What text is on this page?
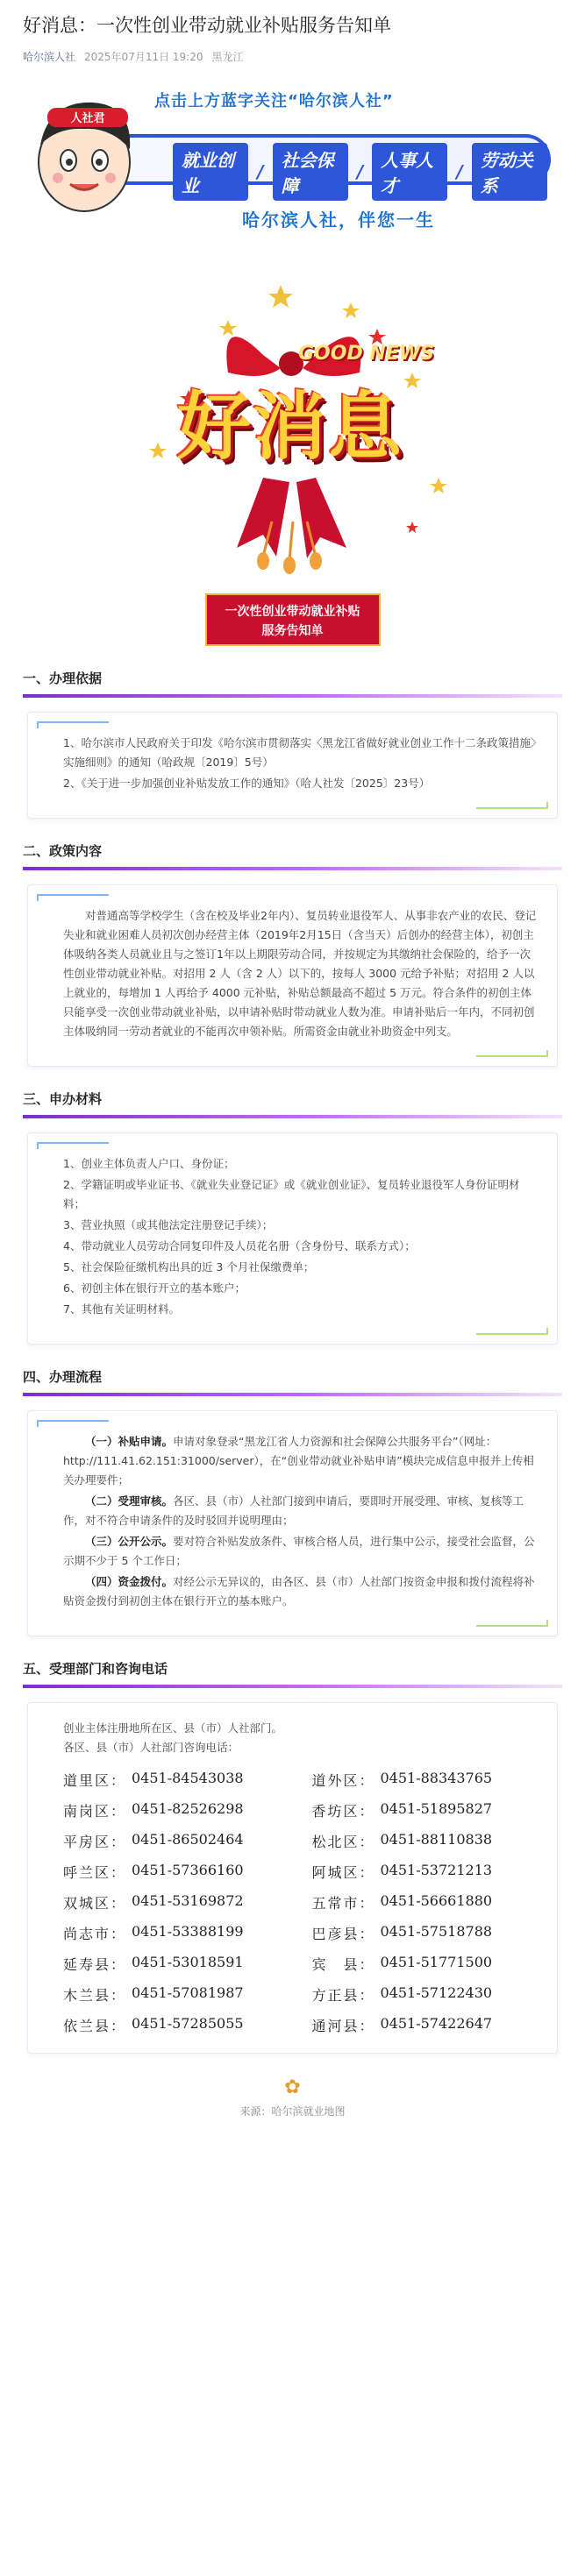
好消息：一次性创业带动就业补贴服务告知单
哈尔滨人社 2025年07月11日 19:20 黑龙江
点击上方蓝字关注“哈尔滨人社”
就业创业
/
社会保障
/
人事人才
/
劳动关系
哈尔滨人社，伴您一生
人社君
GOOD NEWS
好消息
一次性创业带动就业补贴
服务告知单
一、办理依据

1、哈尔滨市人民政府关于印发《哈尔滨市贯彻落实〈黑龙江省做好就业创业工作十二条政策措施〉实施细则》的通知（哈政规〔2019〕5号）

2、《关于进一步加强创业补贴发放工作的通知》（哈人社发〔2025〕23号）

二、政策内容

对普通高等学校学生（含在校及毕业2年内）、复员转业退役军人、从事非农产业的农民、登记失业和就业困难人员初次创办经营主体（2019年2月15日（含当天）后创办的经营主体），初创主体吸纳各类人员就业且与之签订1年以上期限劳动合同，并按规定为其缴纳社会保险的，给予一次性创业带动就业补贴。对招用 2 人（含 2 人）以下的，按每人 3000 元给予补贴；对招用 2 人以上就业的，每增加 1 人再给予 4000 元补贴，补贴总额最高不超过 5 万元。符合条件的初创主体只能享受一次创业带动就业补贴，以申请补贴时带动就业人数为准。申请补贴后一年内，不同初创主体吸纳同一劳动者就业的不能再次申领补贴。所需资金由就业补助资金中列支。

三、申办材料

1、创业主体负责人户口、身份证；

2、学籍证明或毕业证书、《就业失业登记证》或《就业创业证》、复员转业退役军人身份证明材料；

3、营业执照（或其他法定注册登记手续）；

4、带动就业人员劳动合同复印件及人员花名册（含身份号、联系方式）；

5、社会保险征缴机构出具的近 3 个月社保缴费单；

6、初创主体在银行开立的基本账户；

7、其他有关证明材料。

四、办理流程

（一）补贴申请。申请对象登录“黑龙江省人力资源和社会保障公共服务平台”（网址：http://111.41.62.151:31000/server），在“创业带动就业补贴申请”模块完成信息申报并上传相关办理要件；

（二）受理审核。各区、县（市）人社部门接到申请后，要即时开展受理、审核、复核等工作，对不符合申请条件的及时驳回并说明理由；

（三）公开公示。要对符合补贴发放条件、审核合格人员，进行集中公示，接受社会监督，公示期不少于 5 个工作日；

（四）资金拨付。对经公示无异议的，由各区、县（市）人社部门按资金申报和拨付流程将补贴资金拨付到初创主体在银行开立的基本账户。

五、受理部门和咨询电话

创业主体注册地所在区、县（市）人社部门。

各区、县（市）人社部门咨询电话：

道里区： 0451-84543038	道外区： 0451-88343765
南岗区： 0451-82526298	香坊区： 0451-51895827
平房区： 0451-86502464	松北区： 0451-88110838
呼兰区： 0451-57366160	阿城区： 0451-53721213
双城区： 0451-53169872	五常市： 0451-56661880
尚志市： 0451-53388199	巴彦县： 0451-57518788
延寿县： 0451-53018591	宾　县： 0451-51771500
木兰县： 0451-57081987	方正县： 0451-57122430
依兰县： 0451-57285055	通河县： 0451-57422647
✿
来源：哈尔滨就业地图
